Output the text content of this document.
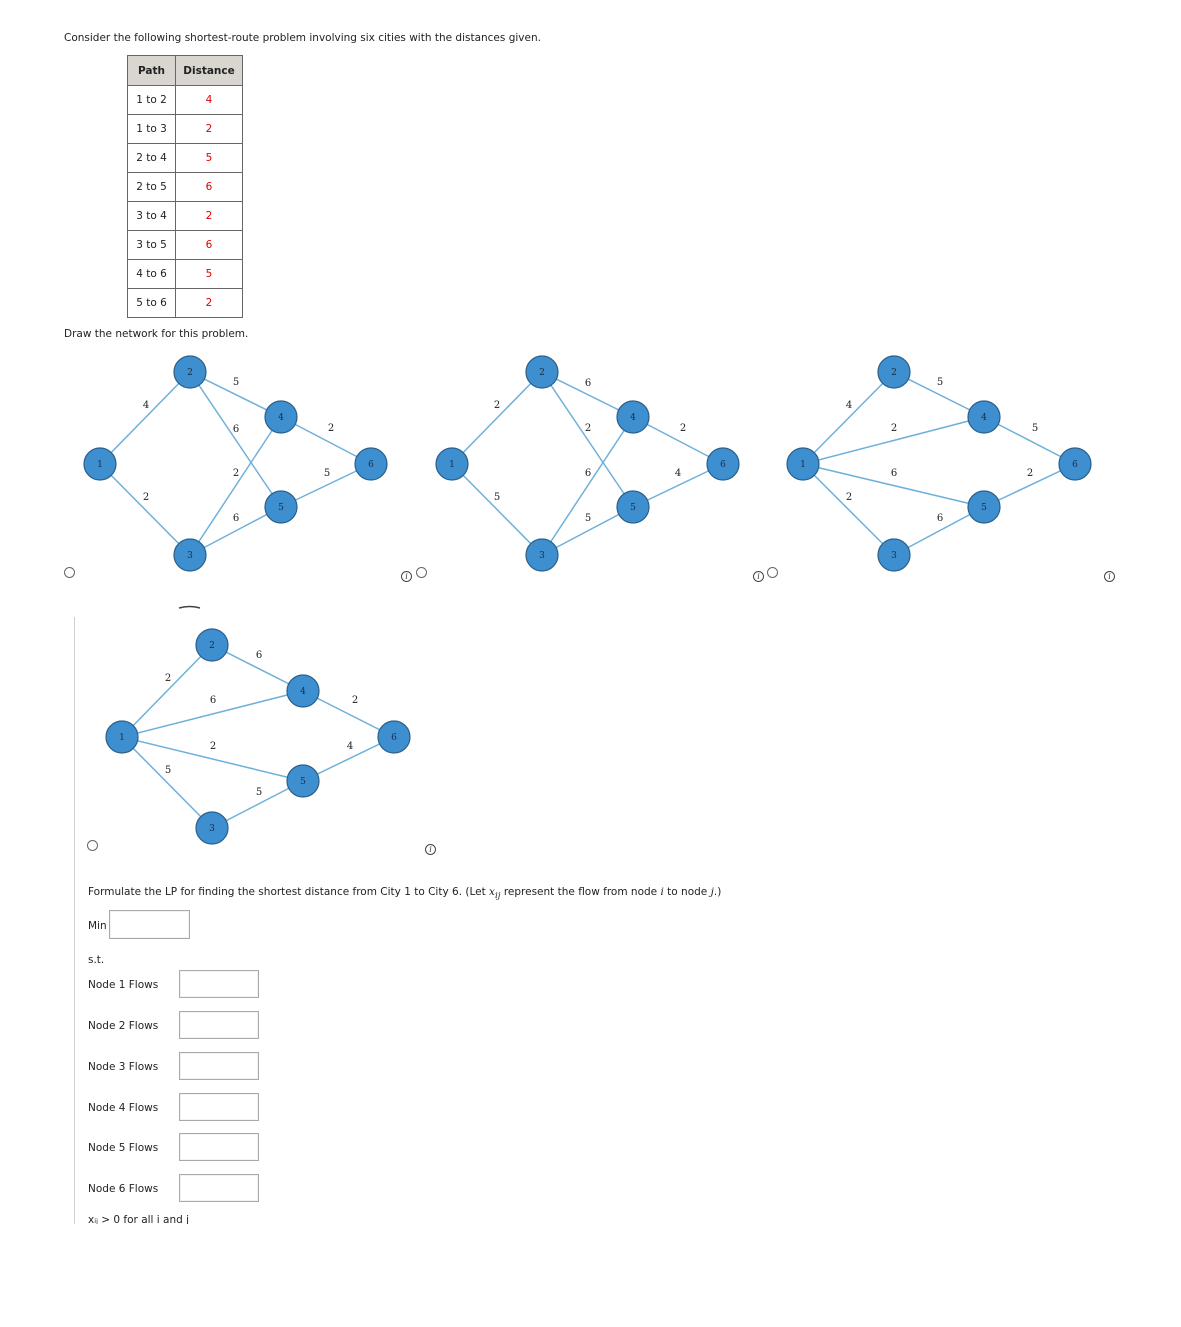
Consider the following shortest-route problem involving six cities with the distances given.
Path	Distance
1 to 2	4
1 to 3	2
2 to 4	5
2 to 5	6
3 to 4	2
3 to 5	6
4 to 6	5
5 to 6	2
Draw the network for this problem.
4
2
5
6
6
2
2
5
1
2
3
4
5
6
2
5
6
2
6
5
2
4
1
2
3
4
5
6
4
2
5
2
6
6
5
2
1
2
3
4
5
6
i	i	i
2
6
5
2
6
5
2
4
1
2
3
4
5
6
i
Formulate the LP for finding the shortest distance from City 1 to City 6. (Let $x_{ij}$ represent the flow from node i to node j.)
Min
s.t.
Node 1 Flows
Node 2 Flows
Node 3 Flows
Node 4 Flows
Node 5 Flows
Node 6 Flows
xᵢⱼ > 0 for all i and j
